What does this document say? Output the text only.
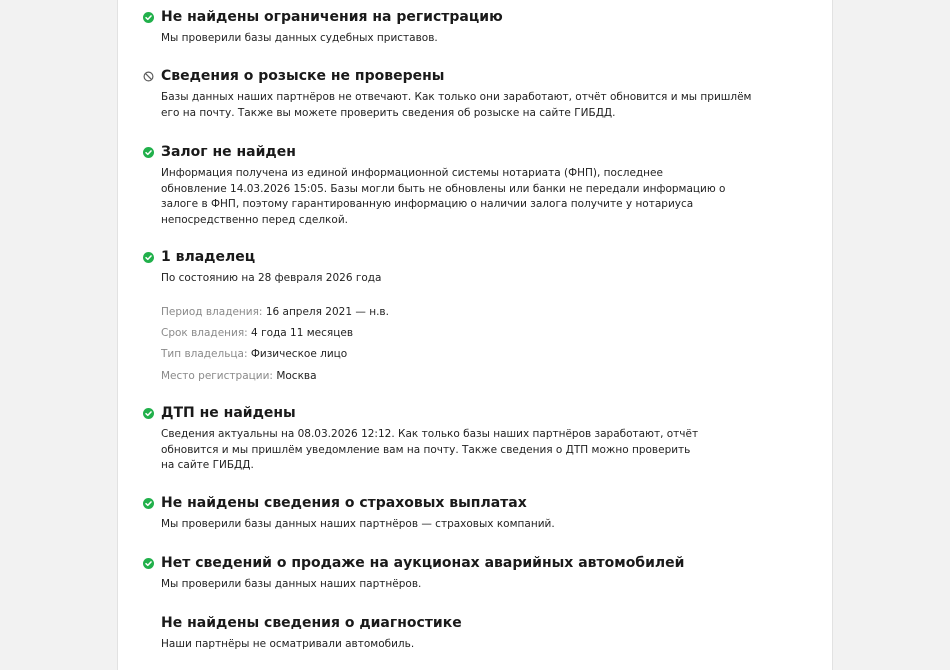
Не найдены ограничения на регистрацию

Мы проверили базы данных судебных приставов.

Сведения о розыске не проверены

Базы данных наших партнёров не отвечают. Как только они заработают, отчёт обновится и мы пришлём
его на почту. Также вы можете проверить сведения об розыске на сайте ГИБДД.

Залог не найден

Информация получена из единой информационной системы нотариата (ФНП), последнее
обновление 14.03.2026 15:05. Базы могли быть не обновлены или банки не передали информацию о
залоге в ФНП, поэтому гарантированную информацию о наличии залога получите у нотариуса
непосредственно перед сделкой.

1 владелец

По состоянию на 28 февраля 2026 года

Период владения: 16 апреля 2021 — н.в.
Срок владения: 4 года 11 месяцев
Тип владельца: Физическое лицо
Место регистрации: Москва
ДТП не найдены

Сведения актуальны на 08.03.2026 12:12. Как только базы наших партнёров заработают, отчёт
обновится и мы пришлём уведомление вам на почту. Также сведения о ДТП можно проверить
на сайте ГИБДД.

Не найдены сведения о страховых выплатах

Мы проверили базы данных наших партнёров — страховых компаний.

Нет сведений о продаже на аукционах аварийных автомобилей

Мы проверили базы данных наших партнёров.

Не найдены сведения о диагностике

Наши партнёры не осматривали автомобиль.
